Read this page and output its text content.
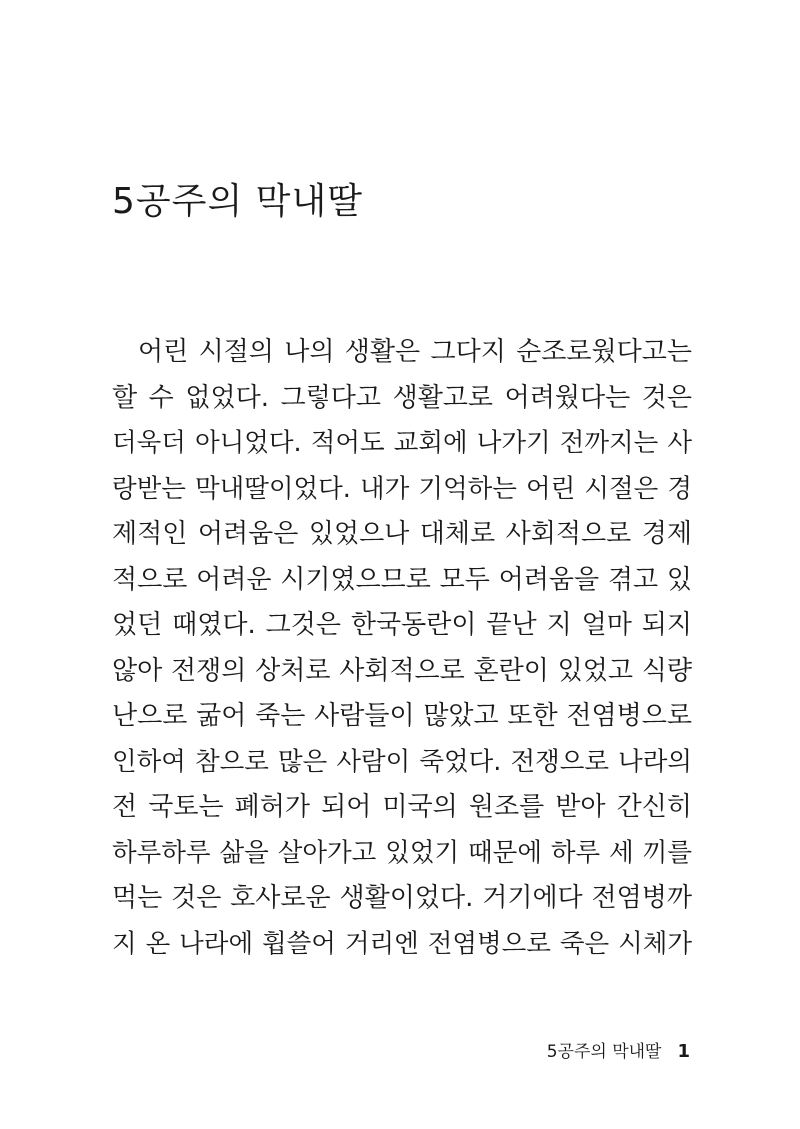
5공주의 막내딸
어린 시절의 나의 생활은 그다지 순조로웠다고는
할 수 없었다. 그렇다고 생활고로 어려웠다는 것은
더욱더 아니었다. 적어도 교회에 나가기 전까지는 사
랑받는 막내딸이었다. 내가 기억하는 어린 시절은 경
제적인 어려움은 있었으나 대체로 사회적으로 경제
적으로 어려운 시기였으므로 모두 어려움을 겪고 있
었던 때였다. 그것은 한국동란이 끝난 지 얼마 되지
않아 전쟁의 상처로 사회적으로 혼란이 있었고 식량
난으로 굶어 죽는 사람들이 많았고 또한 전염병으로
인하여 참으로 많은 사람이 죽었다. 전쟁으로 나라의
전 국토는 폐허가 되어 미국의 원조를 받아 간신히
하루하루 삶을 살아가고 있었기 때문에 하루 세 끼를
먹는 것은 호사로운 생활이었다. 거기에다 전염병까
지 온 나라에 휩쓸어 거리엔 전염병으로 죽은 시체가
5공주의 막내딸 1
